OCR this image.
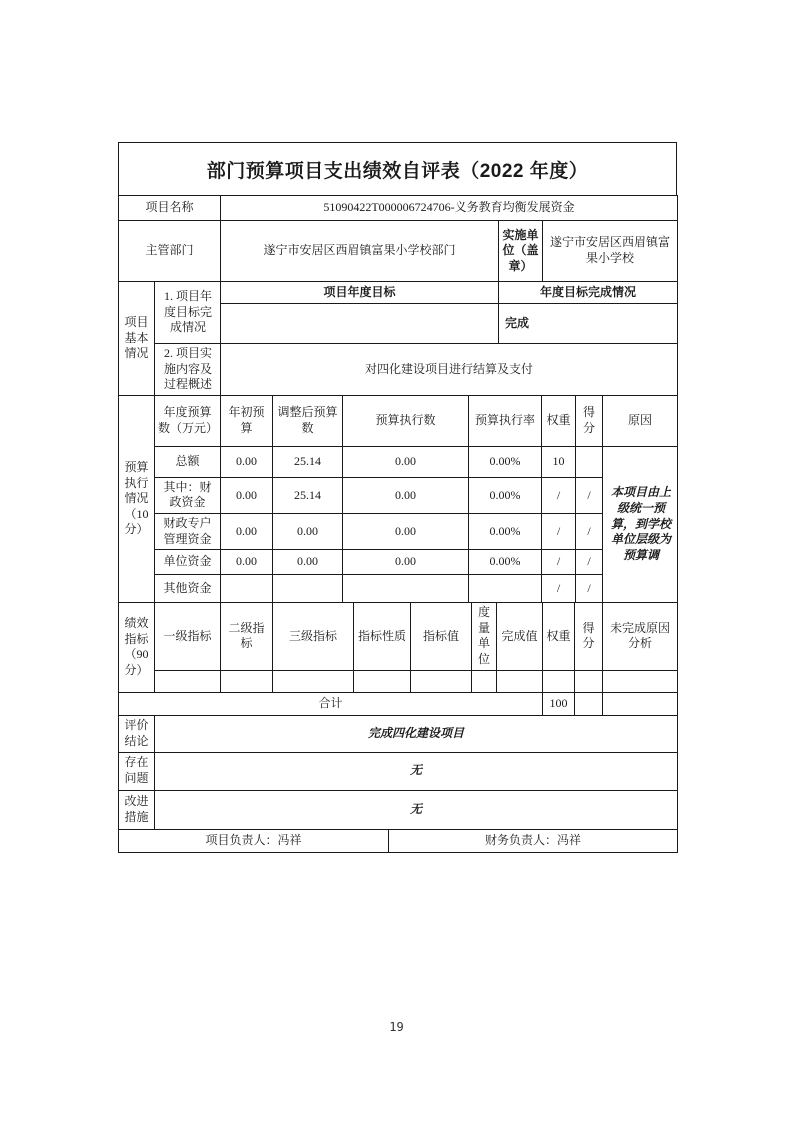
部门预算项目支出绩效自评表（2022 年度）
项目名称	51090422T000006724706-义务教育均衡发展资金
主管部门	遂宁市安居区西眉镇富果小学校部门	实施单位（盖章）	遂宁市安居区西眉镇富果小学校
项目基本情况	1. 项目年度目标完成情况	项目年度目标	年度目标完成情况
			完成
	2. 项目实施内容及过程概述	对四化建设项目进行结算及支付	
预算执行情况（10分）	年度预算数（万元）	年初预算	调整后预算数	预算执行数	预算执行率	权重	得分	原因
	总额	0.00	25.14	0.00	0.00%	10		本项目由上级统一预算，到学校单位层级为预算调
	其中：财政资金	0.00	25.14	0.00	0.00%	/	/	
	财政专户管理资金	0.00	0.00	0.00	0.00%	/	/	
	单位资金	0.00	0.00	0.00	0.00%	/	/	
	其他资金					/	/	
绩效指标（90分）	一级指标	二级指标	三级指标	指标性质	指标值	度量单位	完成值	权重	得分	未完成原因分析

合计	100		
评价结论	完成四化建设项目
存在问题	无
改进措施	无
项目负责人：冯祥	财务负责人：冯祥
19
